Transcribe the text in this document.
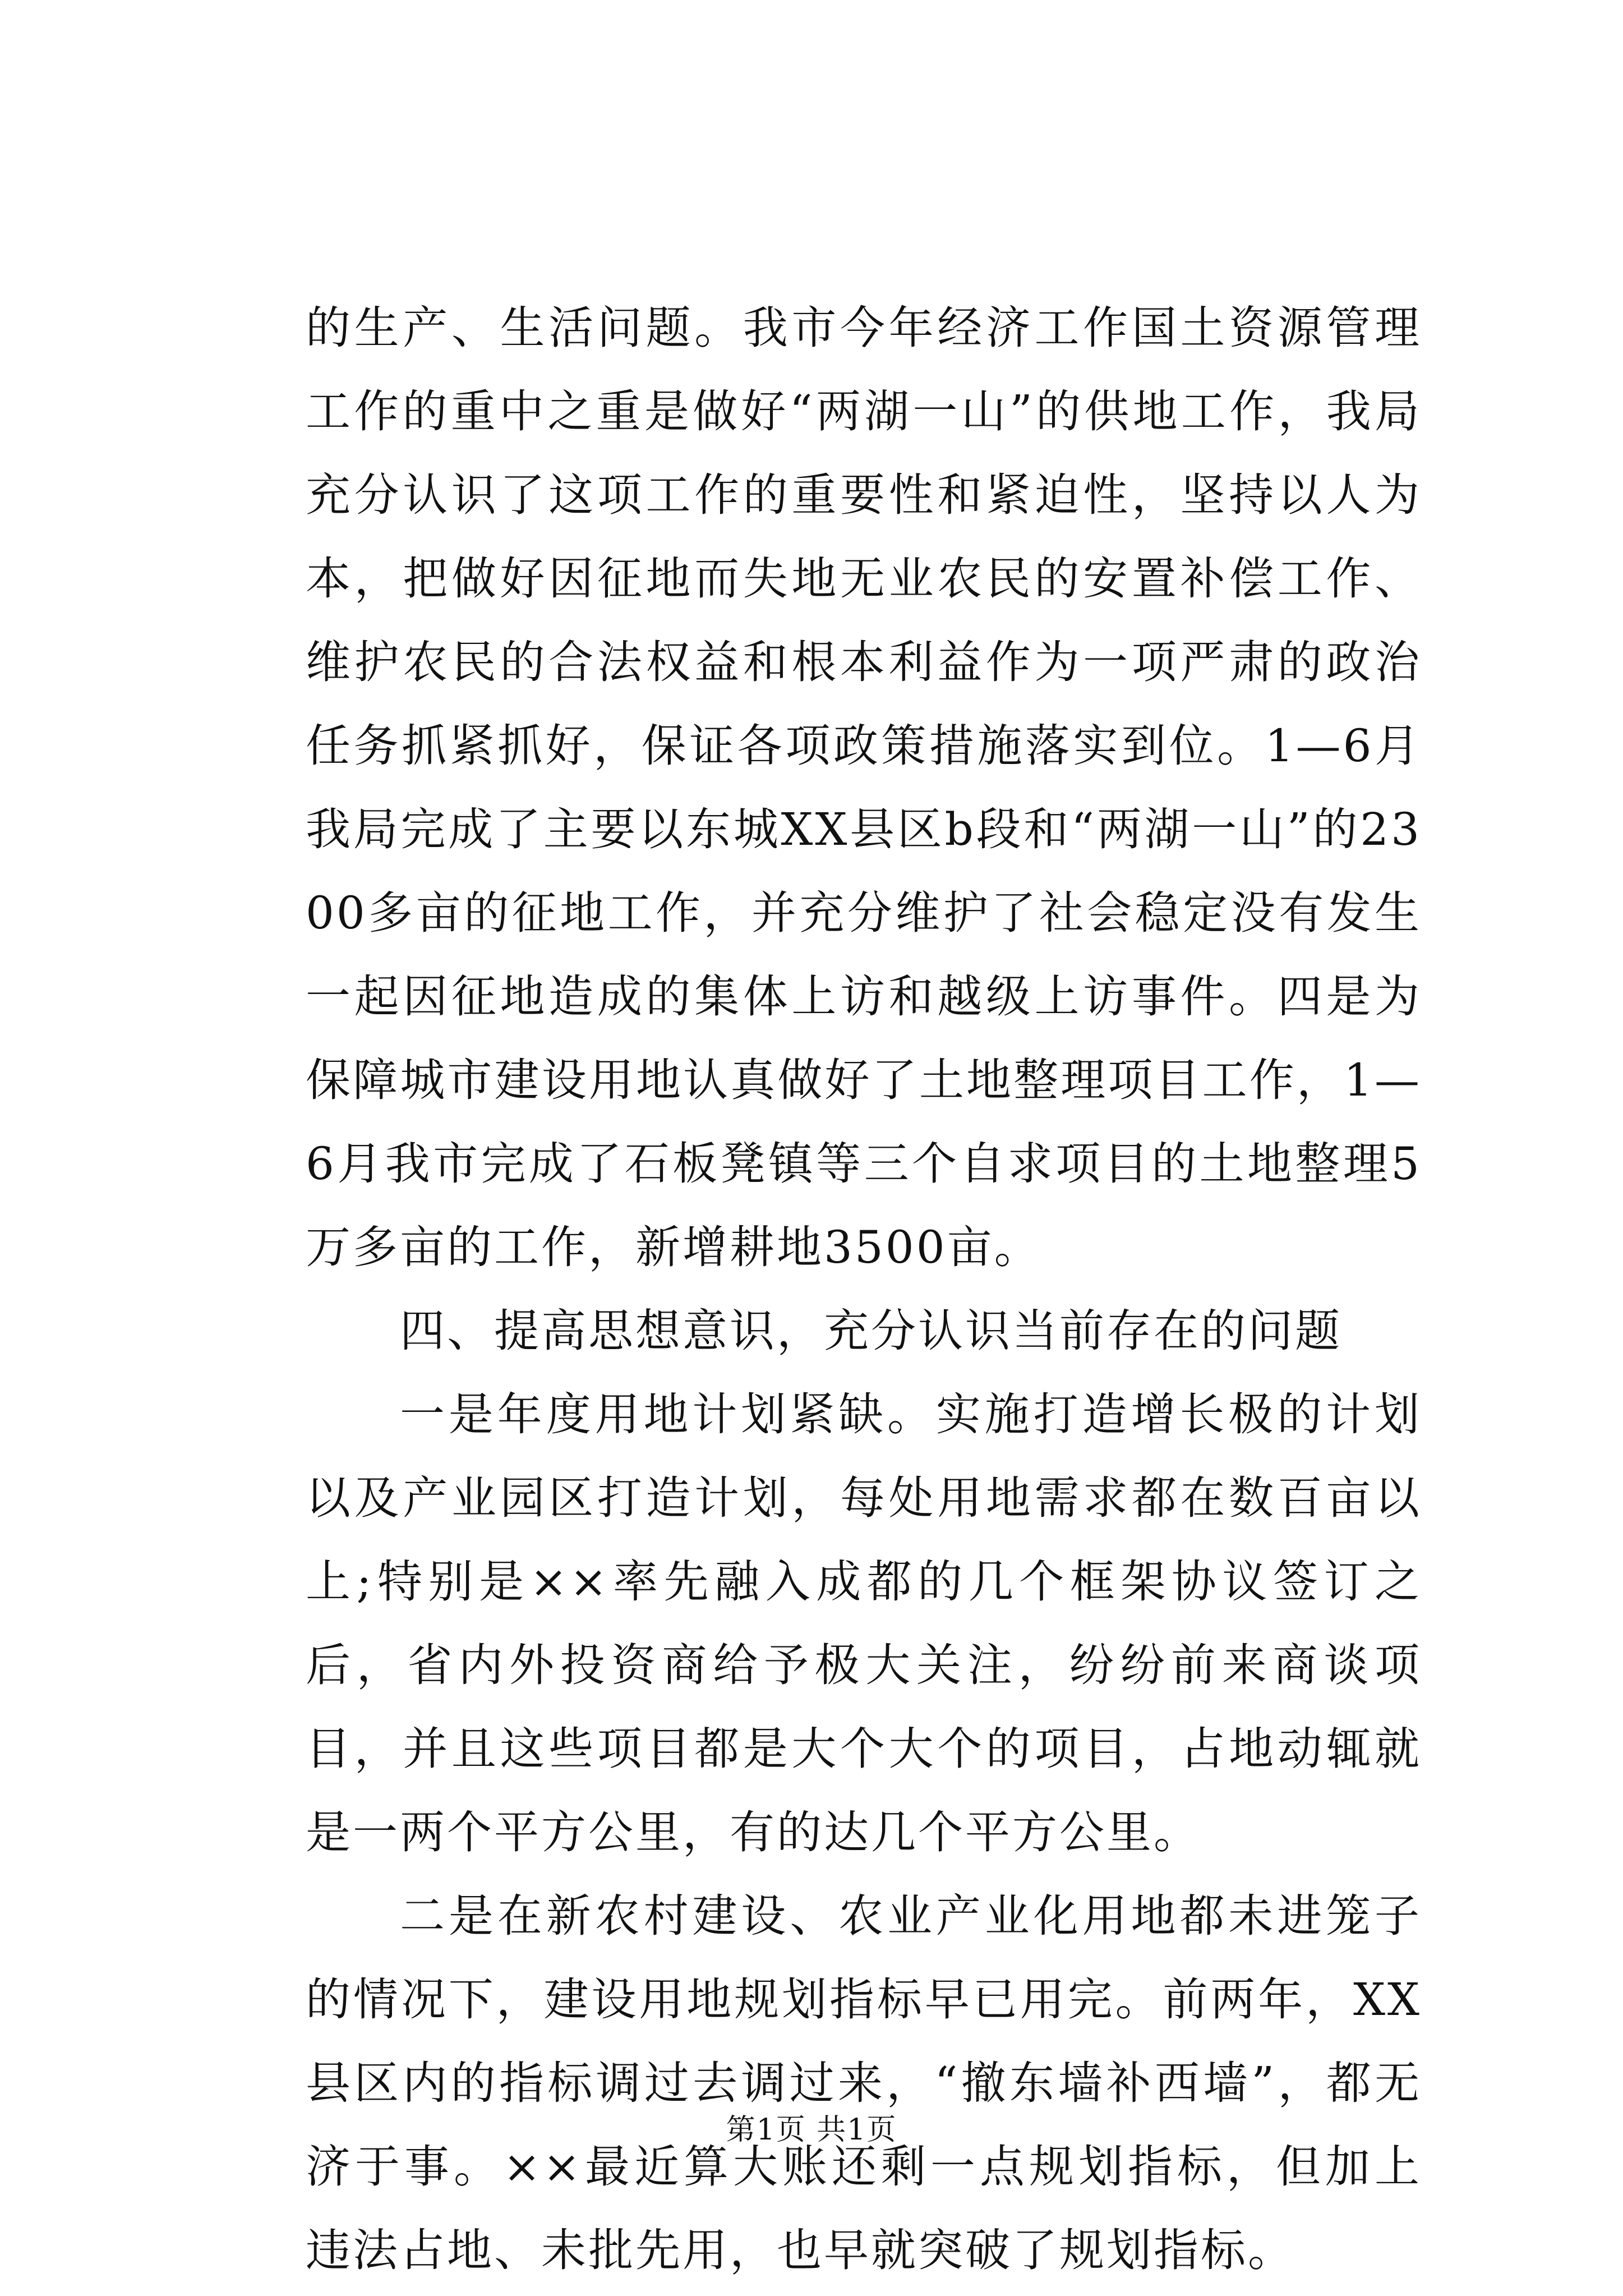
的生产、生活问题。我市今年经济工作国土资源管理工作的重中之重是做好“两湖一山”的供地工作，我局充分认识了这项工作的重要性和紧迫性，坚持以人为本，把做好因征地而失地无业农民的安置补偿工作、维护农民的合法权益和根本利益作为一项严肃的政治任务抓紧抓好，保证各项政策措施落实到位。1—6月我局完成了主要以东城XX县区b段和“两湖一山”的2300多亩的征地工作，并充分维护了社会稳定没有发生一起因征地造成的集体上访和越级上访事件。四是为保障城市建设用地认真做好了土地整理项目工作，1—6月我市完成了石板凳镇等三个自求项目的土地整理5万多亩的工作，新增耕地3500亩。

四、提高思想意识，充分认识当前存在的问题

一是年度用地计划紧缺。实施打造增长极的计划以及产业园区打造计划，每处用地需求都在数百亩以上;特别是××率先融入成都的几个框架协议签订之后，省内外投资商给予极大关注，纷纷前来商谈项目，并且这些项目都是大个大个的项目，占地动辄就是一两个平方公里，有的达几个平方公里。

二是在新农村建设、农业产业化用地都未进笼子的情况下，建设用地规划指标早已用完。前两年，XX县区内的指标调过去调过来，“撤东墙补西墙”，都无济于事。××最近算大账还剩一点规划指标，但加上违法占地、未批先用，也早就突破了规划指标。

第1页 共1页
